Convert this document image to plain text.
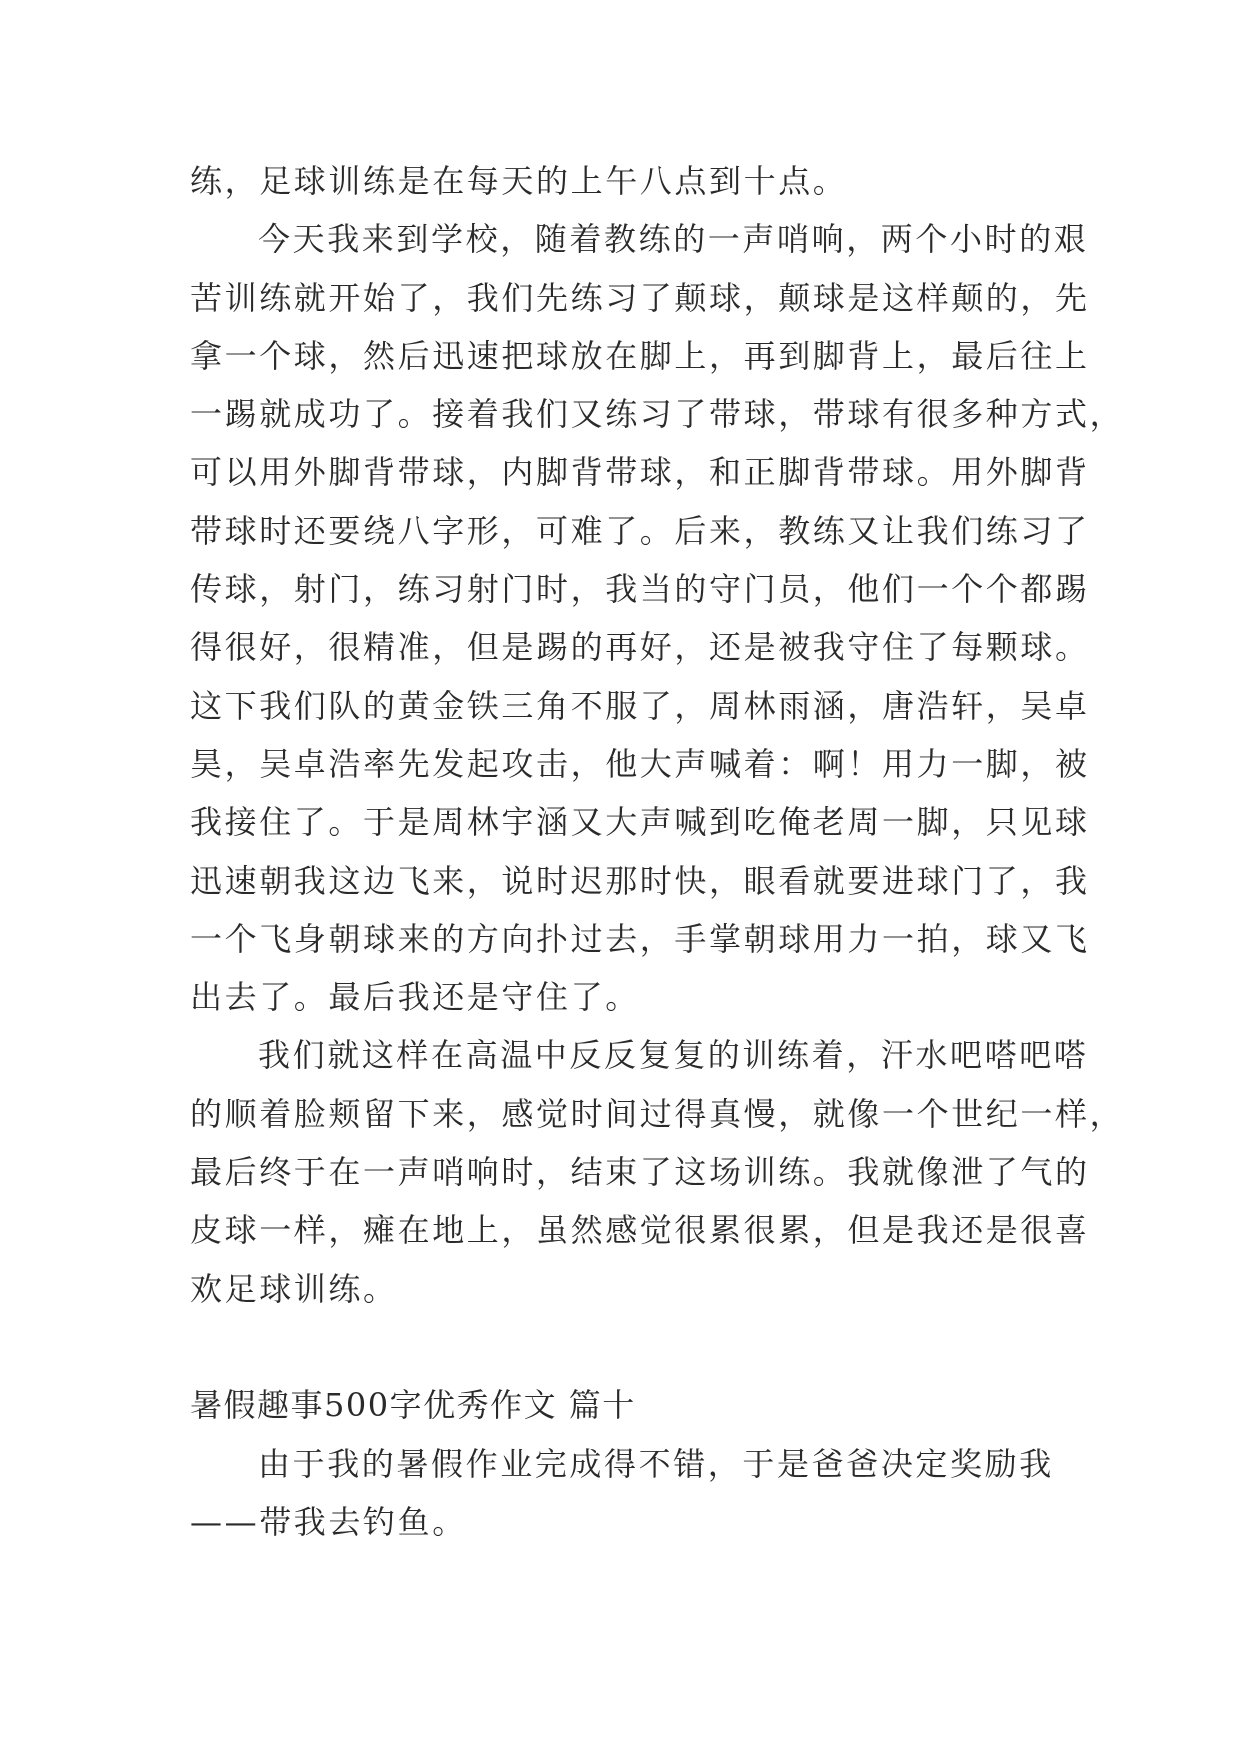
练，足球训练是在每天的上午八点到十点。
今天我来到学校，随着教练的一声哨响，两个小时的艰
苦训练就开始了，我们先练习了颠球，颠球是这样颠的，先
拿一个球，然后迅速把球放在脚上，再到脚背上，最后往上
一踢就成功了。接着我们又练习了带球，带球有很多种方式，
可以用外脚背带球，内脚背带球，和正脚背带球。用外脚背
带球时还要绕八字形，可难了。后来，教练又让我们练习了
传球，射门，练习射门时，我当的守门员，他们一个个都踢
得很好，很精准，但是踢的再好，还是被我守住了每颗球。
这下我们队的黄金铁三角不服了，周林雨涵，唐浩轩，吴卓
昊，吴卓浩率先发起攻击，他大声喊着：啊！用力一脚，被
我接住了。于是周林宇涵又大声喊到吃俺老周一脚，只见球
迅速朝我这边飞来，说时迟那时快，眼看就要进球门了，我
一个飞身朝球来的方向扑过去，手掌朝球用力一拍，球又飞
出去了。最后我还是守住了。
我们就这样在高温中反反复复的训练着，汗水吧嗒吧嗒
的顺着脸颊留下来，感觉时间过得真慢，就像一个世纪一样，
最后终于在一声哨响时，结束了这场训练。我就像泄了气的
皮球一样，瘫在地上，虽然感觉很累很累，但是我还是很喜
欢足球训练。
暑假趣事500字优秀作文 篇十
由于我的暑假作业完成得不错，于是爸爸决定奖励我
——带我去钓鱼。
